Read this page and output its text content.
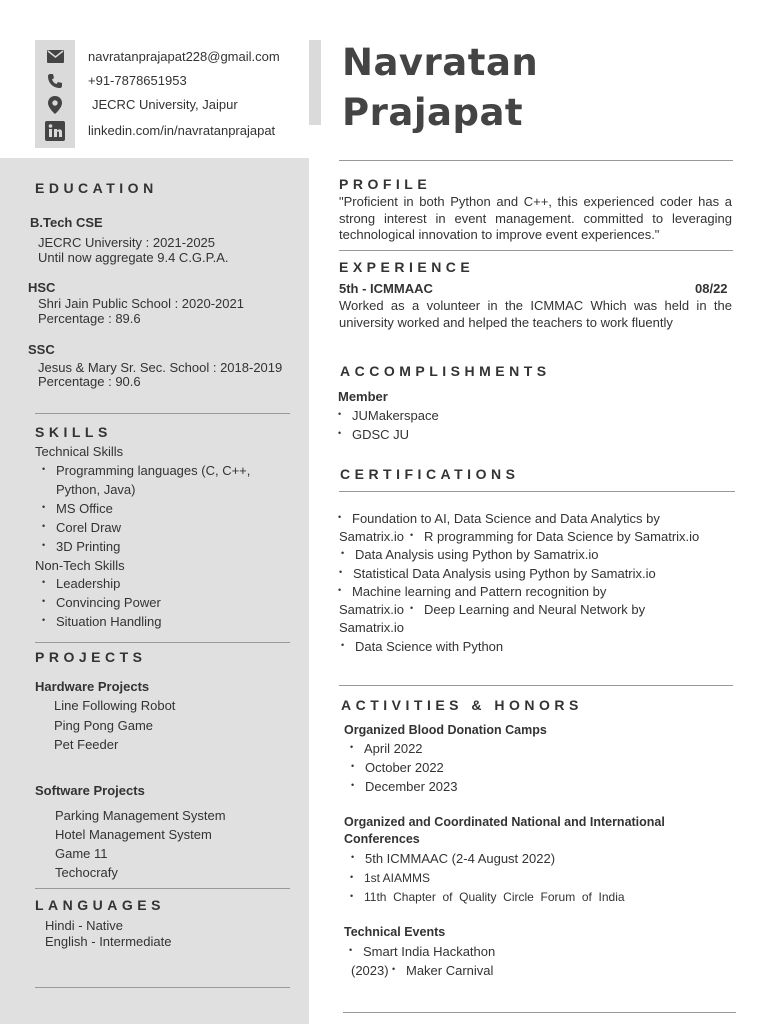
navratanprajapat228@gmail.com
+91-7878651953
JECRC University, Jaipur
linkedin.com/in/navratanprajapat
Navratan
Prajapat
EDUCATION
B.Tech CSE
JECRC University : 2021-2025
Until now aggregate 9.4 C.G.P.A.
HSC
Shri Jain Public School : 2020-2021
Percentage : 89.6
SSC
Jesus & Mary Sr. Sec. School : 2018-2019
Percentage : 90.6
SKILLS
Technical Skills
• Programming languages (C, C++,
Python, Java)
• MS Office
• Corel Draw
• 3D Printing
Non-Tech Skills
• Leadership
• Convincing Power
• Situation Handling
PROJECTS
Hardware Projects
Line Following Robot
Ping Pong Game
Pet Feeder
Software Projects
Parking Management System
Hotel Management System
Game 11
Techocrafy
LANGUAGES
Hindi - Native
English - Intermediate
PROFILE
"Proficient in both Python and C++, this experienced coder has a strong interest in event management. committed to leveraging technological innovation to improve event experiences."
EXPERIENCE
5th - ICMMAAC	08/22
Worked as a volunteer in the ICMMAC Which was held in the university worked and helped the teachers to work fluently
ACCOMPLISHMENTS
Member
• JUMakerspace
• GDSC JU
CERTIFICATIONS
• Foundation to AI, Data Science and Data Analytics by
Samatrix.io • R programming for Data Science by Samatrix.io
• Data Analysis using Python by Samatrix.io
• Statistical Data Analysis using Python by Samatrix.io
• Machine learning and Pattern recognition by
Samatrix.io • Deep Learning and Neural Network by
Samatrix.io
• Data Science with Python
ACTIVITIES & HONORS
Organized Blood Donation Camps
• April 2022
• October 2022
• December 2023
Organized and Coordinated National and International
Conferences
• 5th ICMMAAC (2-4 August 2022)
• 1st AIAMMS
• 11th  Chapter  of  Quality  Circle  Forum  of  India
Technical Events
• Smart India Hackathon
(2023) • Maker Carnival
